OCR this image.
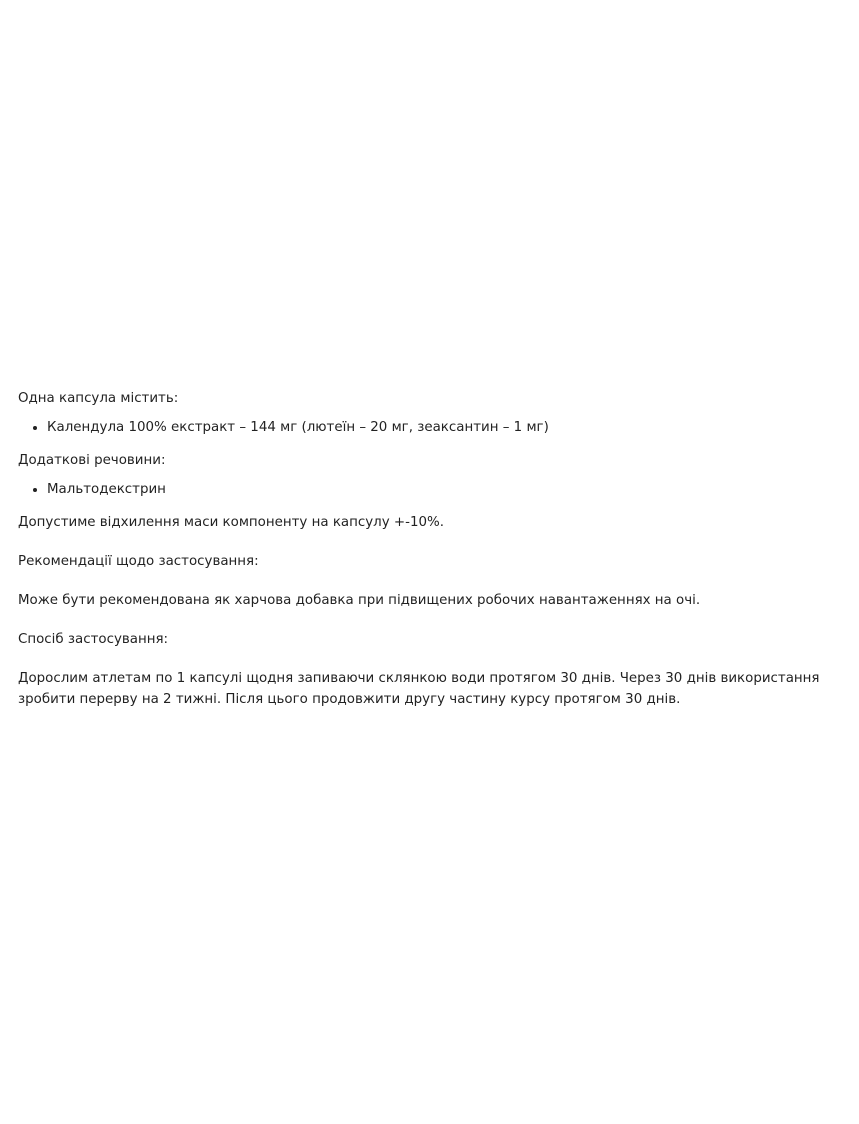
Одна капсула містить:

• Календула 100% екстракт – 144 мг (лютеїн – 20 мг, зеаксантин – 1 мг)

Додаткові речовини:

• Мальтодекстрин

Допустиме відхилення маси компоненту на капсулу +-10%.

Рекомендації щодо застосування:

Може бути рекомендована як харчова добавка при підвищених робочих навантаженнях на очі.

Спосіб застосування:

Дорослим атлетам по 1 капсулі щодня запиваючи склянкою води протягом 30 днів. Через 30 днів використання зробити перерву на 2 тижні. Після цього продовжити другу частину курсу протягом 30 днів.
